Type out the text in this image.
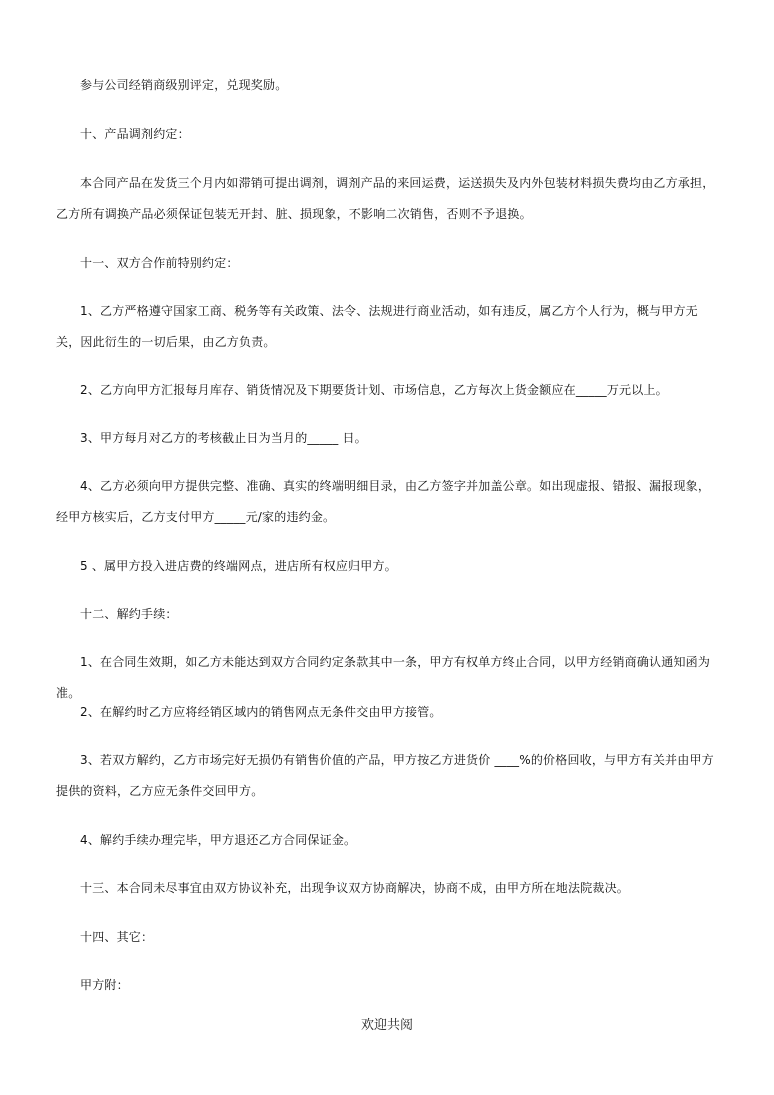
参与公司经销商级别评定，兑现奖励。

十、产品调剂约定：

本合同产品在发货三个月内如滞销可提出调剂，调剂产品的来回运费，运送损失及内外包装材料损失费均由乙方承担，乙方所有调换产品必须保证包装无开封、脏、损现象，不影响二次销售，否则不予退换。

十一、双方合作前特别约定：

1、乙方严格遵守国家工商、税务等有关政策、法令、法规进行商业活动，如有违反，属乙方个人行为，概与甲方无关，因此衍生的一切后果，由乙方负责。

2、乙方向甲方汇报每月库存、销货情况及下期要货计划、市场信息，乙方每次上货金额应在_____万元以上。

3、甲方每月对乙方的考核截止日为当月的_____ 日。

4、乙方必须向甲方提供完整、准确、真实的终端明细目录，由乙方签字并加盖公章。如出现虚报、错报、漏报现象，经甲方核实后，乙方支付甲方_____元/家的违约金。

5 、属甲方投入进店费的终端网点，进店所有权应归甲方。

十二、解约手续：

1、在合同生效期，如乙方未能达到双方合同约定条款其中一条，甲方有权单方终止合同，以甲方经销商确认通知函为准。

2、在解约时乙方应将经销区域内的销售网点无条件交由甲方接管。

3、若双方解约，乙方市场完好无损仍有销售价值的产品，甲方按乙方进货价 ____%的价格回收，与甲方有关并由甲方提供的资料，乙方应无条件交回甲方。

4、解约手续办理完毕，甲方退还乙方合同保证金。

十三、本合同未尽事宜由双方协议补充，出现争议双方协商解决，协商不成，由甲方所在地法院裁决。

十四、其它：

甲方附：

欢迎共阅
